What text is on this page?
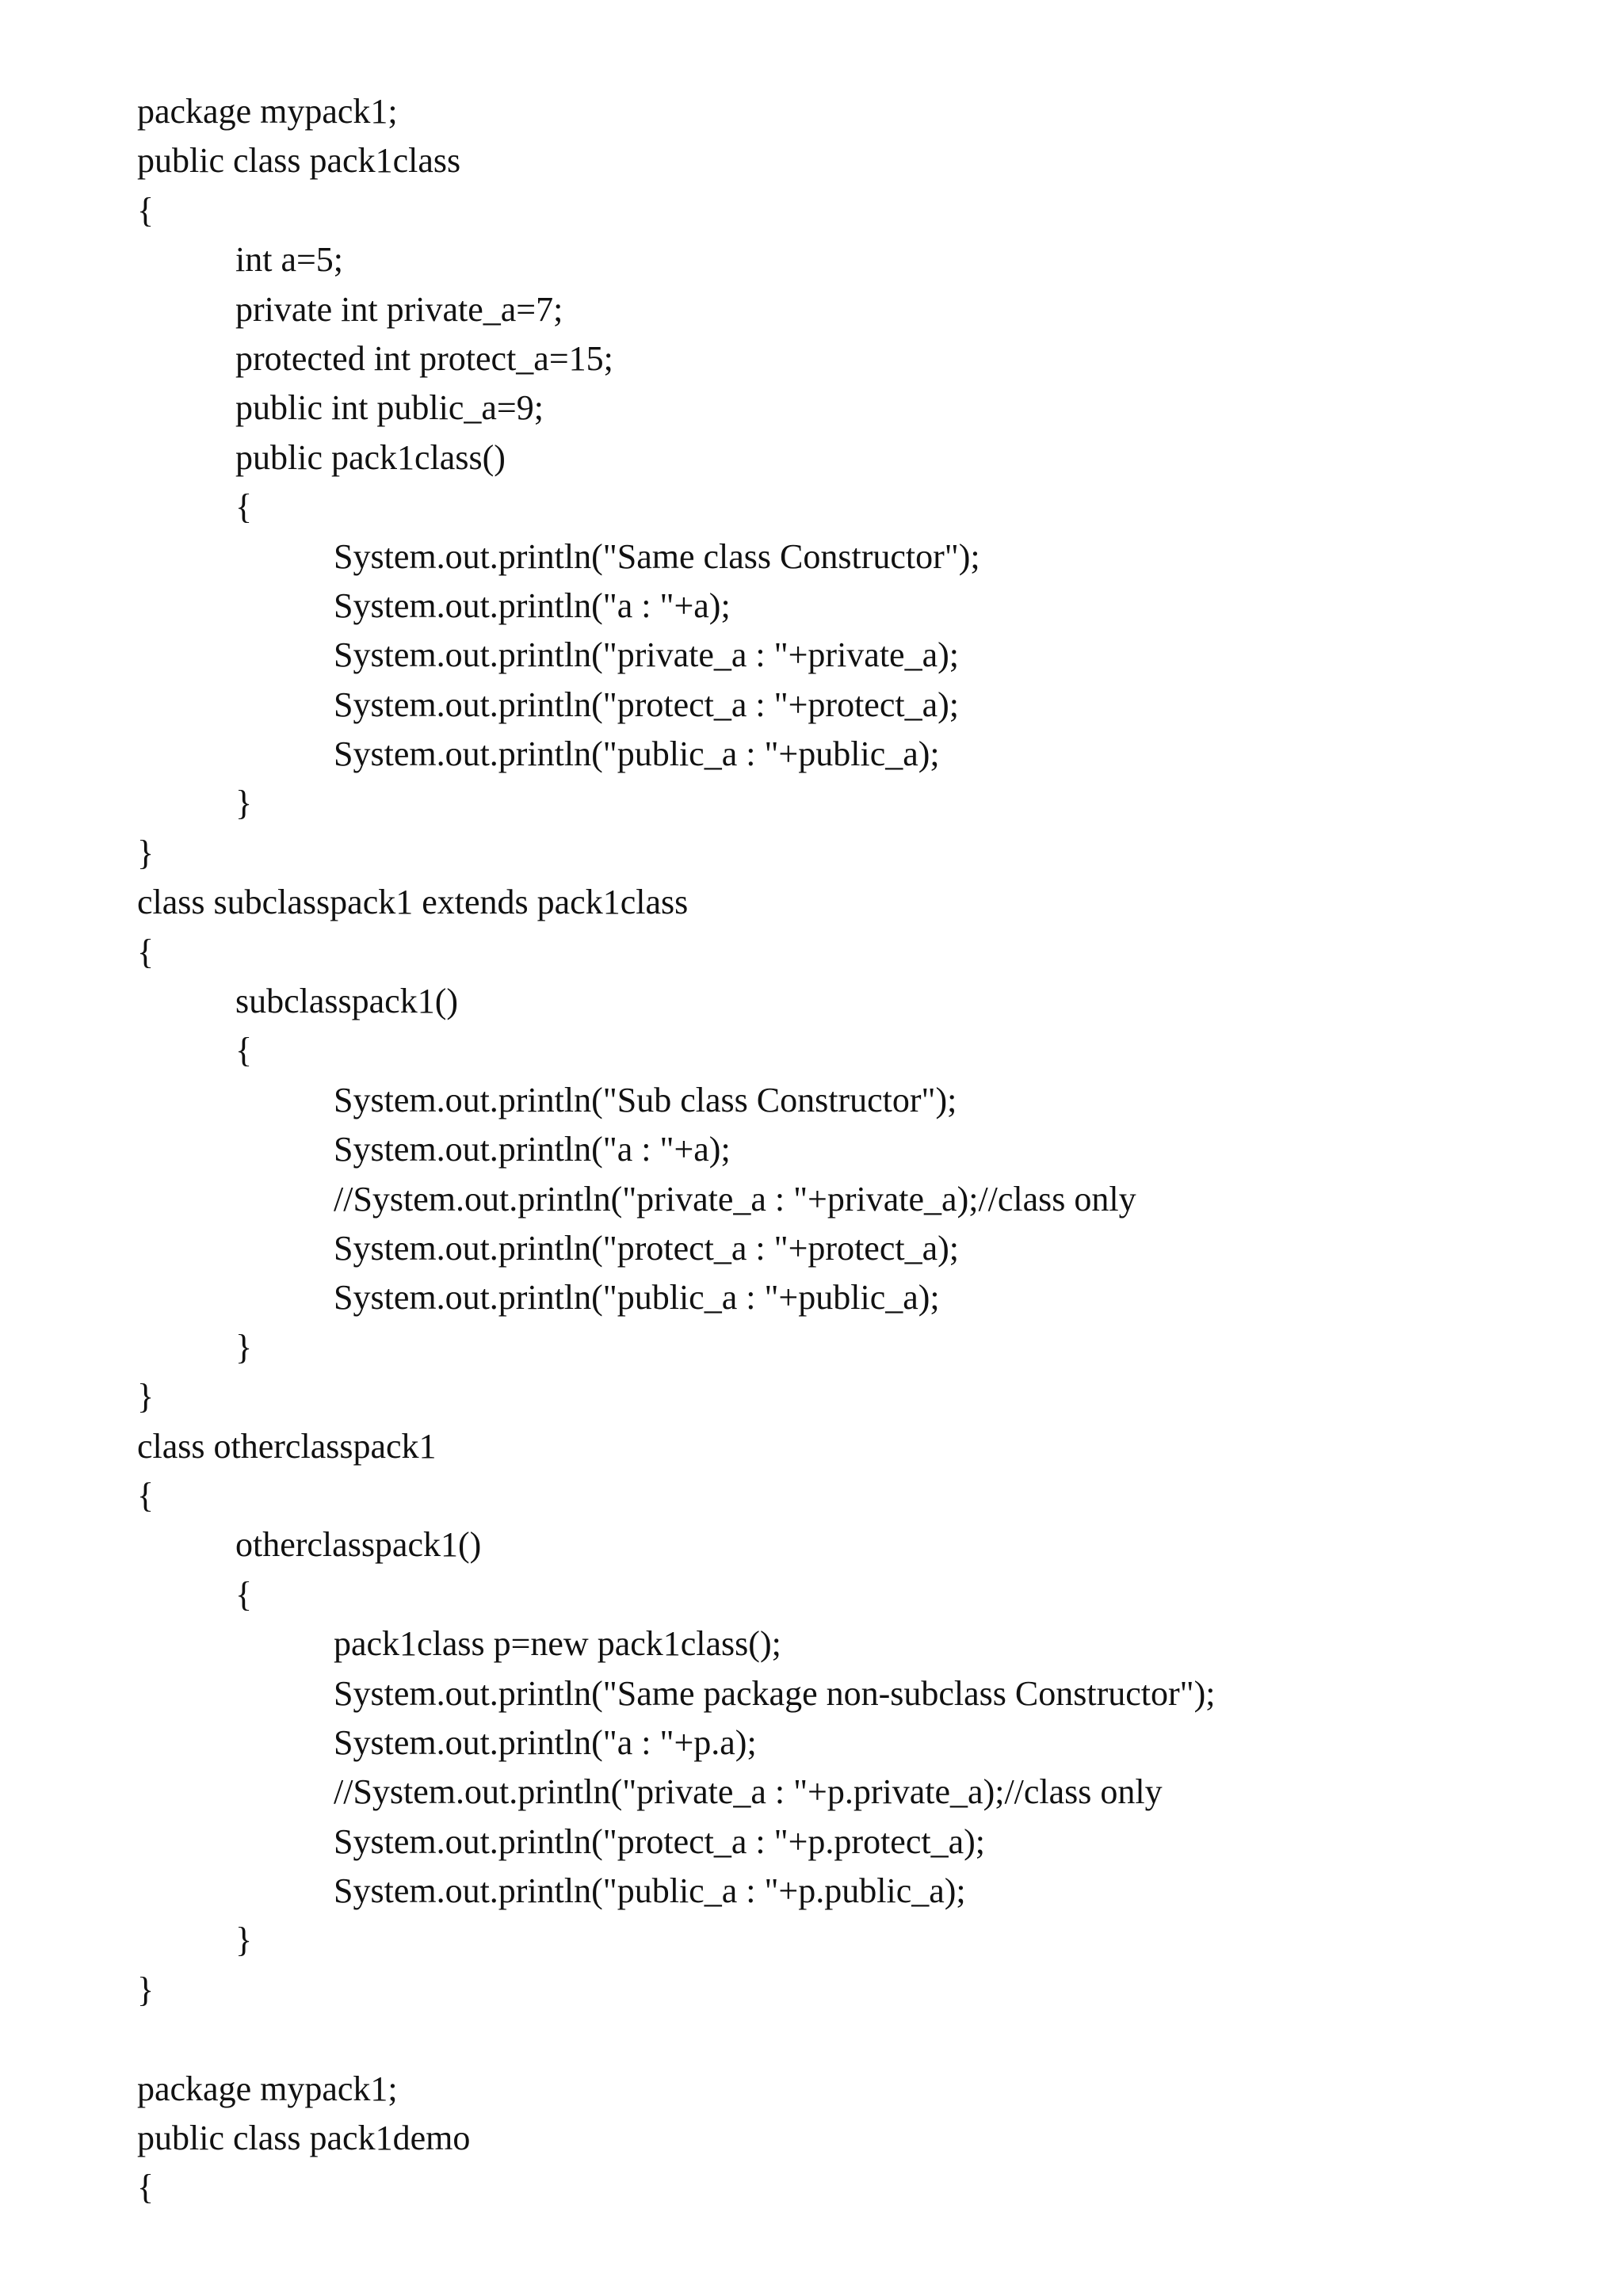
package mypack1;
public class pack1class
{
int a=5;
private int private_a=7;
protected int protect_a=15;
public int public_a=9;
public pack1class()
{
System.out.println("Same class Constructor");
System.out.println("a : "+a);
System.out.println("private_a : "+private_a);
System.out.println("protect_a : "+protect_a);
System.out.println("public_a : "+public_a);
}
}
class subclasspack1 extends pack1class
{
subclasspack1()
{
System.out.println("Sub class Constructor");
System.out.println("a : "+a);
//System.out.println("private_a : "+private_a);//class only
System.out.println("protect_a : "+protect_a);
System.out.println("public_a : "+public_a);
}
}
class otherclasspack1
{
otherclasspack1()
{
pack1class p=new pack1class();
System.out.println("Same package non-subclass Constructor");
System.out.println("a : "+p.a);
//System.out.println("private_a : "+p.private_a);//class only
System.out.println("protect_a : "+p.protect_a);
System.out.println("public_a : "+p.public_a);
}
}
package mypack1;
public class pack1demo
{
